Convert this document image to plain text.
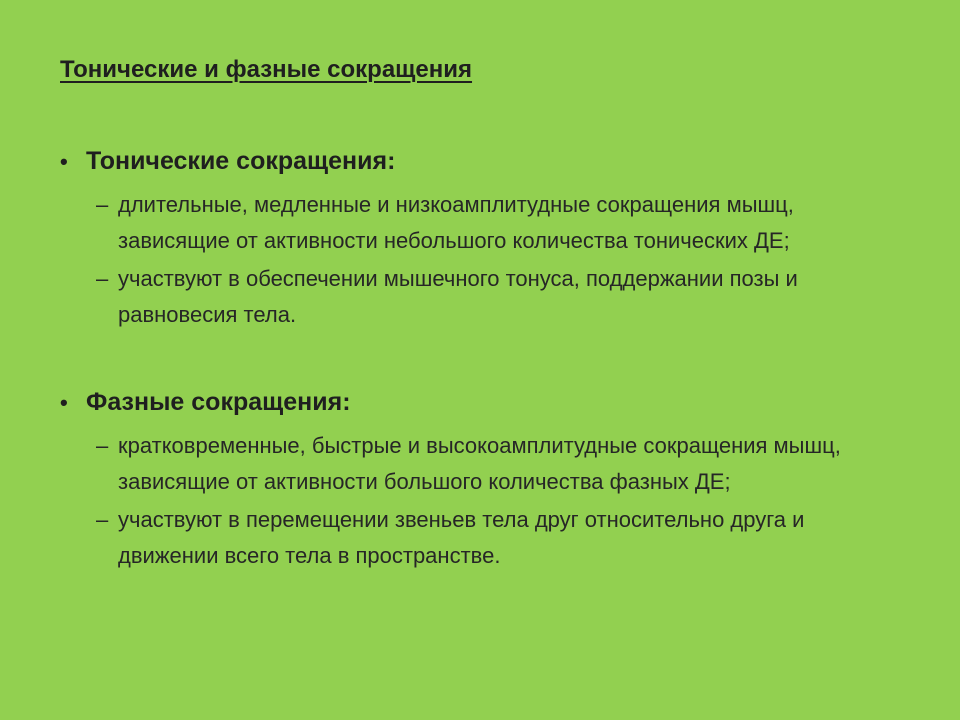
Тонические и фазные сокращения
• Тонические сокращения:
– длительные, медленные и низкоамплитудные сокращения мышц, зависящие от активности небольшого количества тонических ДЕ;
– участвуют в обеспечении мышечного тонуса, поддержании позы и равновесия тела.
• Фазные сокращения:
– кратковременные, быстрые и высокоамплитудные сокращения мышц, зависящие от активности большого количества фазных ДЕ;
– участвуют в перемещении звеньев тела друг относительно друга и движении всего тела в пространстве.
